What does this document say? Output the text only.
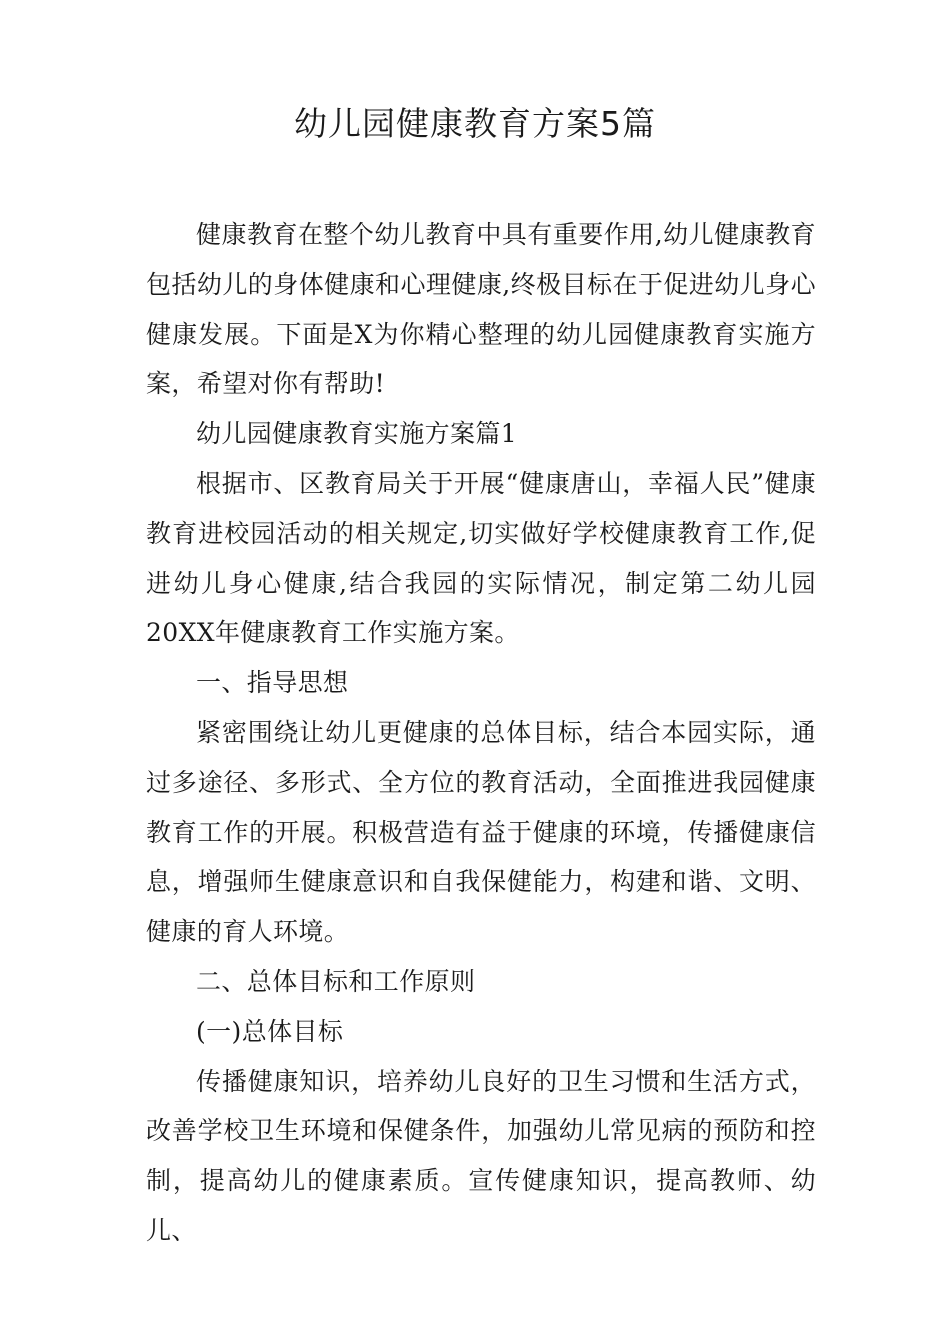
幼儿园健康教育方案5篇

健康教育在整个幼儿教育中具有重要作用,幼儿健康教育包括幼儿的身体健康和心理健康,终极目标在于促进幼儿身心健康发展。下面是X为你精心整理的幼儿园健康教育实施方案，希望对你有帮助!

幼儿园健康教育实施方案篇1

根据市、区教育局关于开展“健康唐山，幸福人民”健康教育进校园活动的相关规定,切实做好学校健康教育工作,促进幼儿身心健康,结合我园的实际情况，制定第二幼儿园20XX年健康教育工作实施方案。

一、指导思想

紧密围绕让幼儿更健康的总体目标，结合本园实际，通过多途径、多形式、全方位的教育活动，全面推进我园健康教育工作的开展。积极营造有益于健康的环境，传播健康信息，增强师生健康意识和自我保健能力，构建和谐、文明、健康的育人环境。

二、总体目标和工作原则

(一)总体目标

传播健康知识，培养幼儿良好的卫生习惯和生活方式，改善学校卫生环境和保健条件，加强幼儿常见病的预防和控制，提高幼儿的健康素质。宣传健康知识，提高教师、幼儿、
